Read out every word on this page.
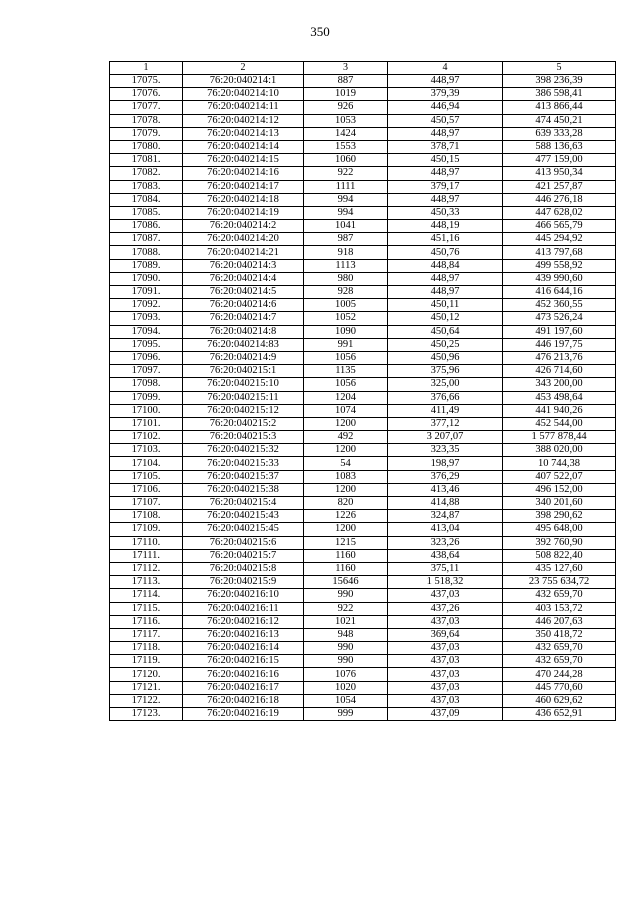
350
1	2	3	4	5
17075.	76:20:040214:1	887	448,97	398 236,39
17076.	76:20:040214:10	1019	379,39	386 598,41
17077.	76:20:040214:11	926	446,94	413 866,44
17078.	76:20:040214:12	1053	450,57	474 450,21
17079.	76:20:040214:13	1424	448,97	639 333,28
17080.	76:20:040214:14	1553	378,71	588 136,63
17081.	76:20:040214:15	1060	450,15	477 159,00
17082.	76:20:040214:16	922	448,97	413 950,34
17083.	76:20:040214:17	1111	379,17	421 257,87
17084.	76:20:040214:18	994	448,97	446 276,18
17085.	76:20:040214:19	994	450,33	447 628,02
17086.	76:20:040214:2	1041	448,19	466 565,79
17087.	76:20:040214:20	987	451,16	445 294,92
17088.	76:20:040214:21	918	450,76	413 797,68
17089.	76:20:040214:3	1113	448,84	499 558,92
17090.	76:20:040214:4	980	448,97	439 990,60
17091.	76:20:040214:5	928	448,97	416 644,16
17092.	76:20:040214:6	1005	450,11	452 360,55
17093.	76:20:040214:7	1052	450,12	473 526,24
17094.	76:20:040214:8	1090	450,64	491 197,60
17095.	76:20:040214:83	991	450,25	446 197,75
17096.	76:20:040214:9	1056	450,96	476 213,76
17097.	76:20:040215:1	1135	375,96	426 714,60
17098.	76:20:040215:10	1056	325,00	343 200,00
17099.	76:20:040215:11	1204	376,66	453 498,64
17100.	76:20:040215:12	1074	411,49	441 940,26
17101.	76:20:040215:2	1200	377,12	452 544,00
17102.	76:20:040215:3	492	3 207,07	1 577 878,44
17103.	76:20:040215:32	1200	323,35	388 020,00
17104.	76:20:040215:33	54	198,97	10 744,38
17105.	76:20:040215:37	1083	376,29	407 522,07
17106.	76:20:040215:38	1200	413,46	496 152,00
17107.	76:20:040215:4	820	414,88	340 201,60
17108.	76:20:040215:43	1226	324,87	398 290,62
17109.	76:20:040215:45	1200	413,04	495 648,00
17110.	76:20:040215:6	1215	323,26	392 760,90
17111.	76:20:040215:7	1160	438,64	508 822,40
17112.	76:20:040215:8	1160	375,11	435 127,60
17113.	76:20:040215:9	15646	1 518,32	23 755 634,72
17114.	76:20:040216:10	990	437,03	432 659,70
17115.	76:20:040216:11	922	437,26	403 153,72
17116.	76:20:040216:12	1021	437,03	446 207,63
17117.	76:20:040216:13	948	369,64	350 418,72
17118.	76:20:040216:14	990	437,03	432 659,70
17119.	76:20:040216:15	990	437,03	432 659,70
17120.	76:20:040216:16	1076	437,03	470 244,28
17121.	76:20:040216:17	1020	437,03	445 770,60
17122.	76:20:040216:18	1054	437,03	460 629,62
17123.	76:20:040216:19	999	437,09	436 652,91
